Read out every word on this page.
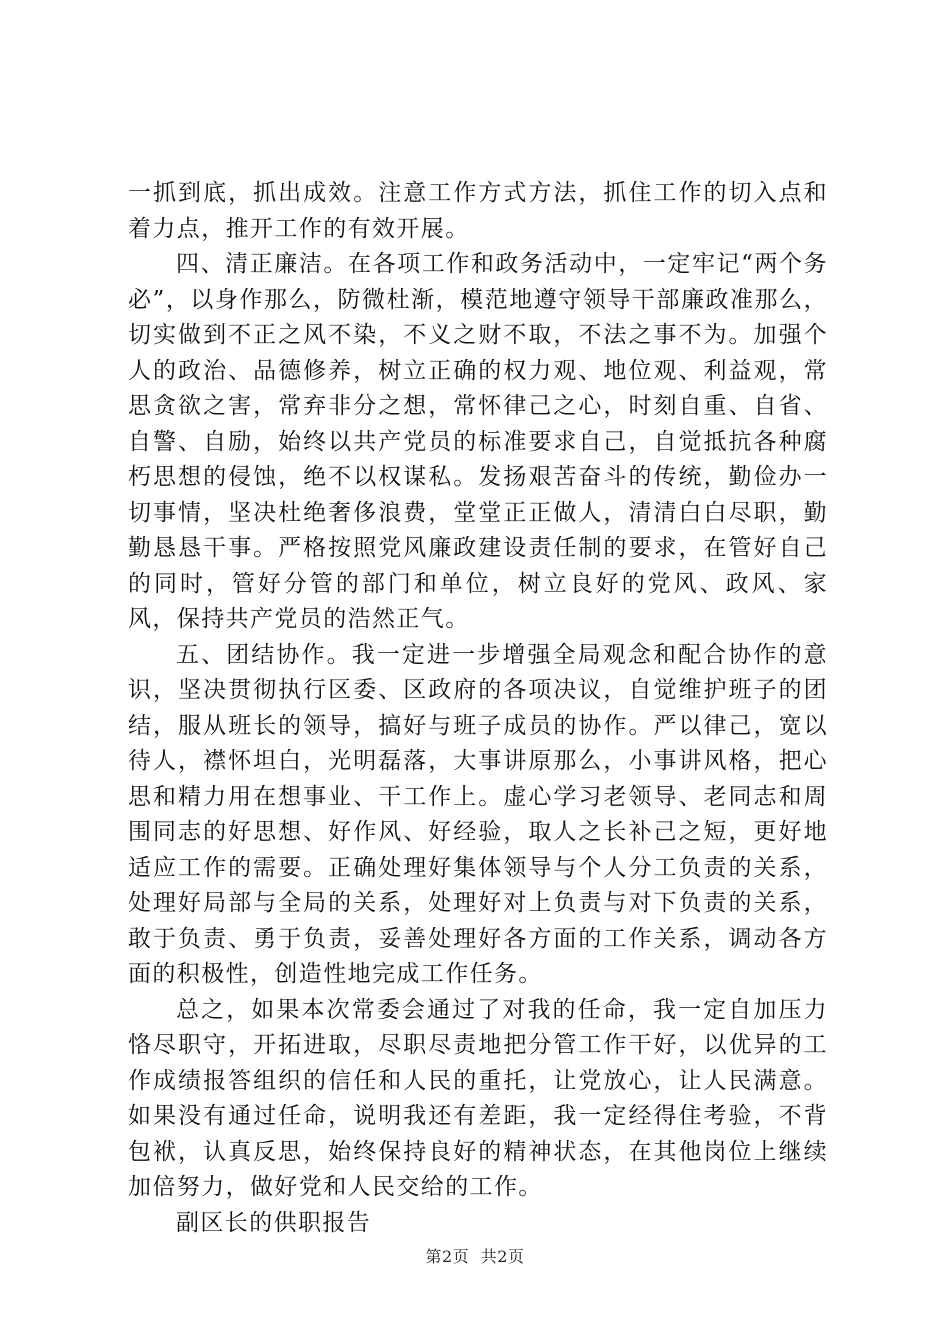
一抓到底，抓出成效。注意工作方式方法，抓住工作的切入点和着力点，推开工作的有效开展。

四、清正廉洁。在各项工作和政务活动中，一定牢记“两个务必”，以身作那么，防微杜渐，模范地遵守领导干部廉政准那么，切实做到不正之风不染，不义之财不取，不法之事不为。加强个人的政治、品德修养，树立正确的权力观、地位观、利益观，常思贪欲之害，常弃非分之想，常怀律己之心，时刻自重、自省、自警、自励，始终以共产党员的标准要求自己，自觉抵抗各种腐朽思想的侵蚀，绝不以权谋私。发扬艰苦奋斗的传统，勤俭办一切事情，坚决杜绝奢侈浪费，堂堂正正做人，清清白白尽职，勤勤恳恳干事。严格按照党风廉政建设责任制的要求，在管好自己的同时，管好分管的部门和单位，树立良好的党风、政风、家风，保持共产党员的浩然正气。

五、团结协作。我一定进一步增强全局观念和配合协作的意识，坚决贯彻执行区委、区政府的各项决议，自觉维护班子的团结，服从班长的领导，搞好与班子成员的协作。严以律己，宽以待人，襟怀坦白，光明磊落，大事讲原那么，小事讲风格，把心思和精力用在想事业、干工作上。虚心学习老领导、老同志和周围同志的好思想、好作风、好经验，取人之长补己之短，更好地适应工作的需要。正确处理好集体领导与个人分工负责的关系，处理好局部与全局的关系，处理好对上负责与对下负责的关系，敢于负责、勇于负责，妥善处理好各方面的工作关系，调动各方面的积极性，创造性地完成工作任务。

总之，如果本次常委会通过了对我的任命，我一定自加压力恪尽职守，开拓进取，尽职尽责地把分管工作干好，以优异的工作成绩报答组织的信任和人民的重托，让党放心，让人民满意。如果没有通过任命，说明我还有差距，我一定经得住考验，不背包袱，认真反思，始终保持良好的精神状态，在其他岗位上继续加倍努力，做好党和人民交给的工作。

副区长的供职报告

第2页 共2页
